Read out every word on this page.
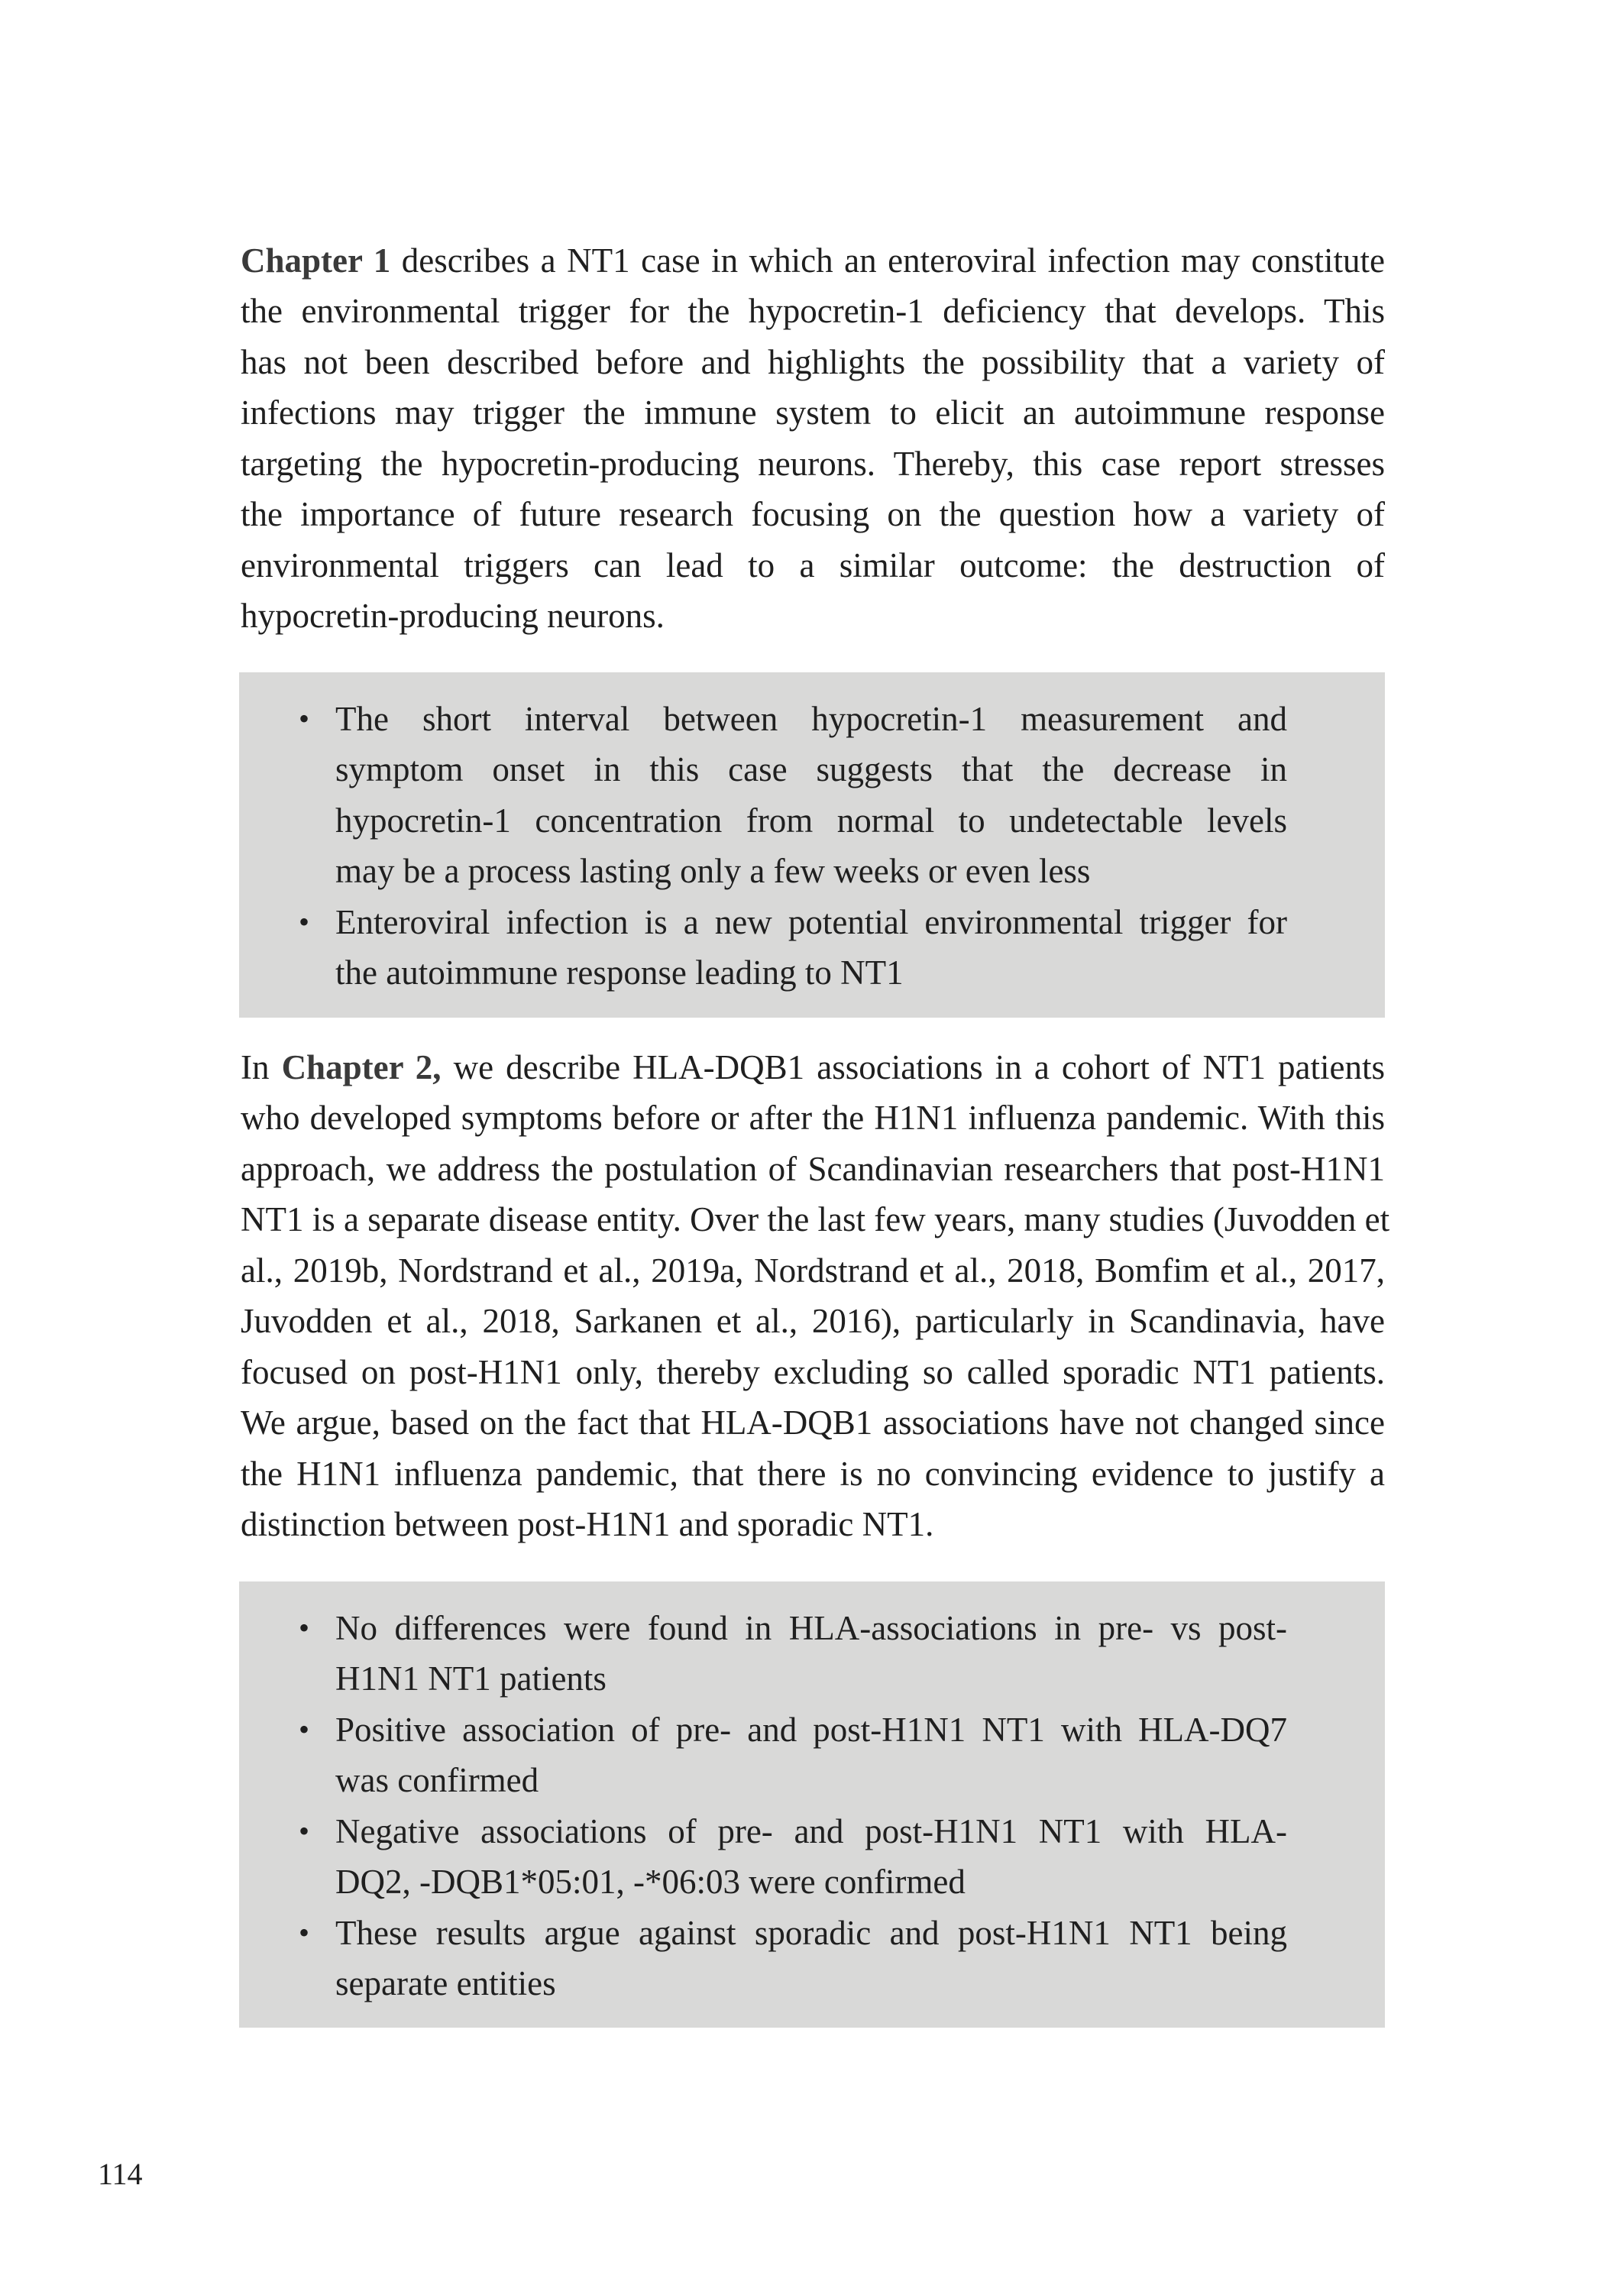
Chapter 1 describes a NT1 case in which an enteroviral infection may constitute
the environmental trigger for the hypocretin-1 deficiency that develops. This
has not been described before and highlights the possibility that a variety of
infections may trigger the immune system to elicit an autoimmune response
targeting the hypocretin-producing neurons. Thereby, this case report stresses
the importance of future research focusing on the question how a variety of
environmental triggers can lead to a similar outcome: the destruction of
hypocretin-producing neurons.
• The short interval between hypocretin-1 measurement and
symptom onset in this case suggests that the decrease in
hypocretin-1 concentration from normal to undetectable levels
may be a process lasting only a few weeks or even less
• Enteroviral infection is a new potential environmental trigger for
the autoimmune response leading to NT1
In Chapter 2, we describe HLA-DQB1 associations in a cohort of NT1 patients
who developed symptoms before or after the H1N1 influenza pandemic. With this
approach, we address the postulation of Scandinavian researchers that post-H1N1
NT1 is a separate disease entity. Over the last few years, many studies (Juvodden et
al., 2019b, Nordstrand et al., 2019a, Nordstrand et al., 2018, Bomfim et al., 2017,
Juvodden et al., 2018, Sarkanen et al., 2016), particularly in Scandinavia, have
focused on post-H1N1 only, thereby excluding so called sporadic NT1 patients.
We argue, based on the fact that HLA-DQB1 associations have not changed since
the H1N1 influenza pandemic, that there is no convincing evidence to justify a
distinction between post-H1N1 and sporadic NT1.
• No differences were found in HLA-associations in pre- vs post-
H1N1 NT1 patients
• Positive association of pre- and post-H1N1 NT1 with HLA-DQ7
was confirmed
• Negative associations of pre- and post-H1N1 NT1 with HLA-
DQ2, -DQB1*05:01, -*06:03 were confirmed
• These results argue against sporadic and post-H1N1 NT1 being
separate entities
114
